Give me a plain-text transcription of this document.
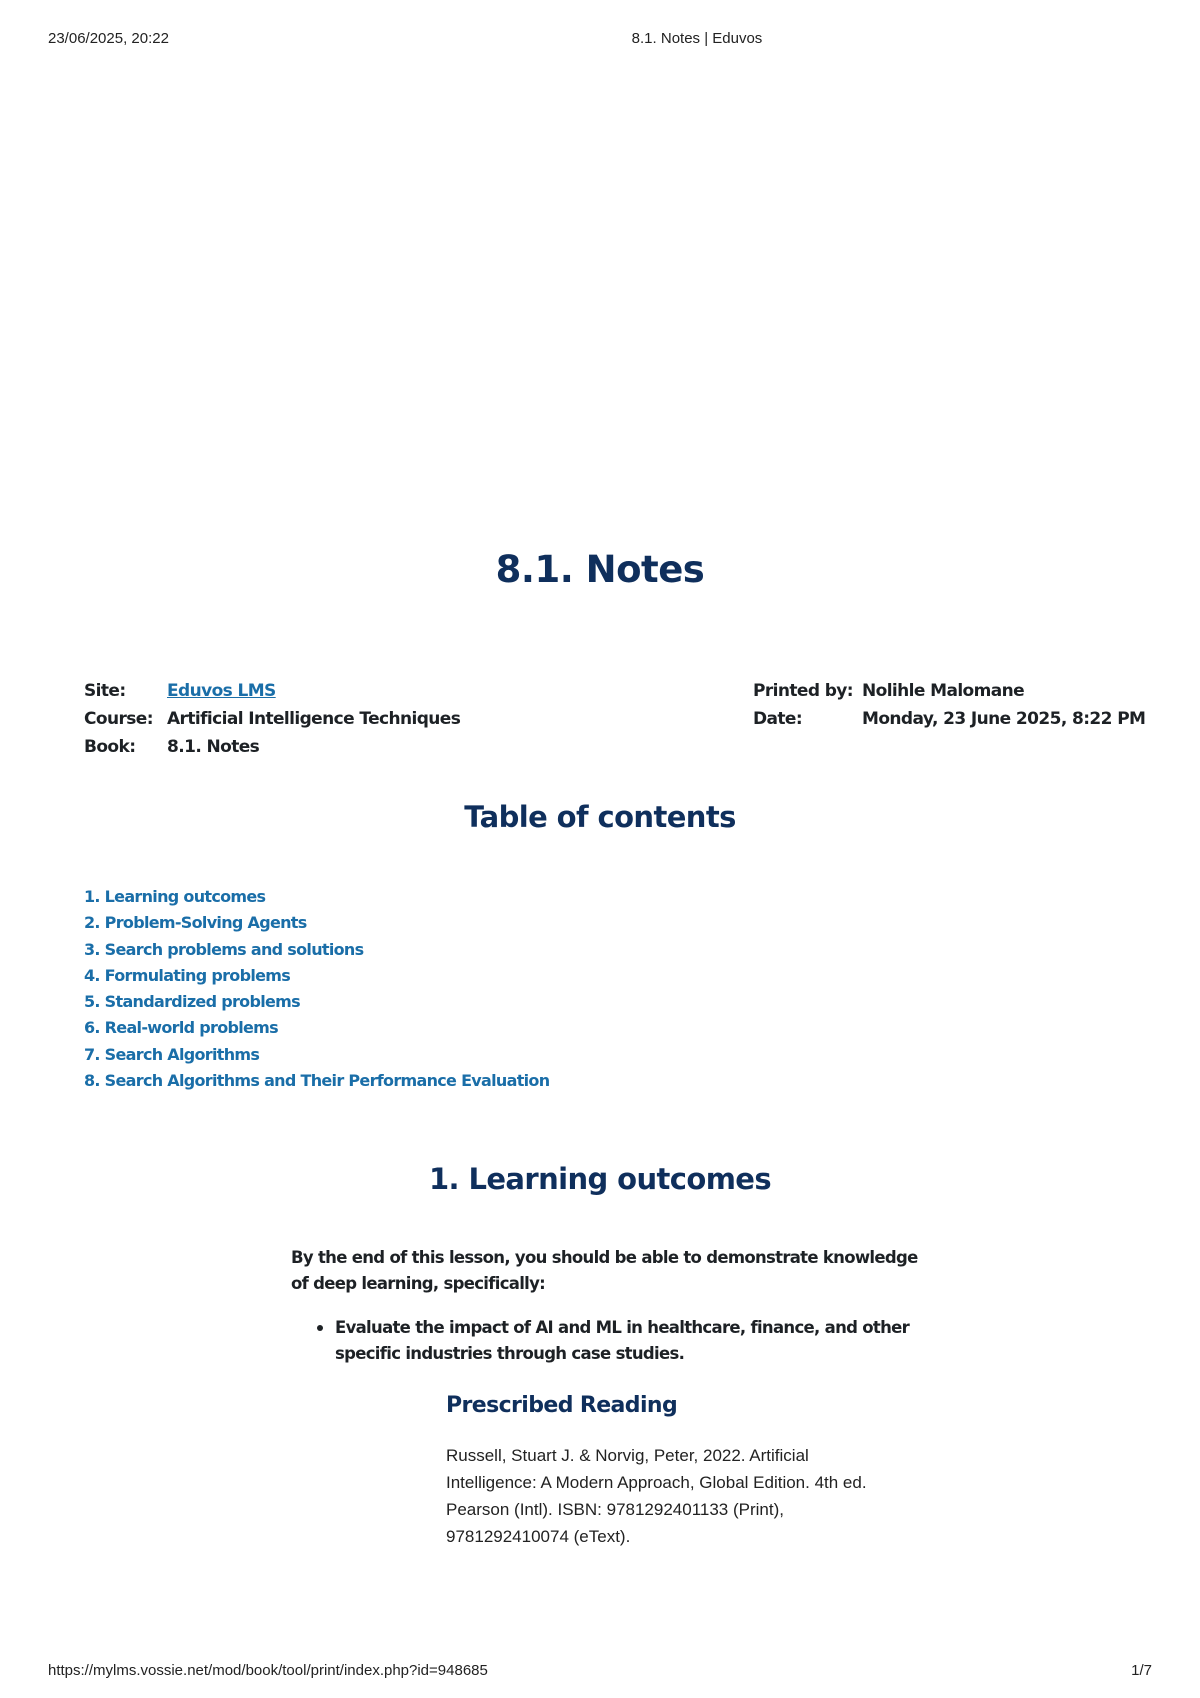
23/06/2025, 20:22	8.1. Notes | Eduvos
8.1. Notes
Site: Eduvos LMS
Course: Artificial Intelligence Techniques
Book: 8.1. Notes
Printed by: Nolihle Malomane
Date:	Monday, 23 June 2025, 8:22 PM
Table of contents
1. Learning outcomes
2. Problem-Solving Agents
3. Search problems and solutions
4. Formulating problems
5. Standardized problems
6. Real-world problems
7. Search Algorithms
8. Search Algorithms and Their Performance Evaluation
1. Learning outcomes

By the end of this lesson, you should be able to demonstrate knowledge of deep learning, specifically:

Evaluate the impact of AI and ML in healthcare, finance, and other specific industries through case studies.
Prescribed Reading

Russell, Stuart J. & Norvig, Peter, 2022. Artificial Intelligence: A Modern Approach, Global Edition. 4th ed. Pearson (Intl). ISBN: 9781292401133 (Print), 9781292410074 (eText).

https://mylms.vossie.net/mod/book/tool/print/index.php?id=948685	1/7
